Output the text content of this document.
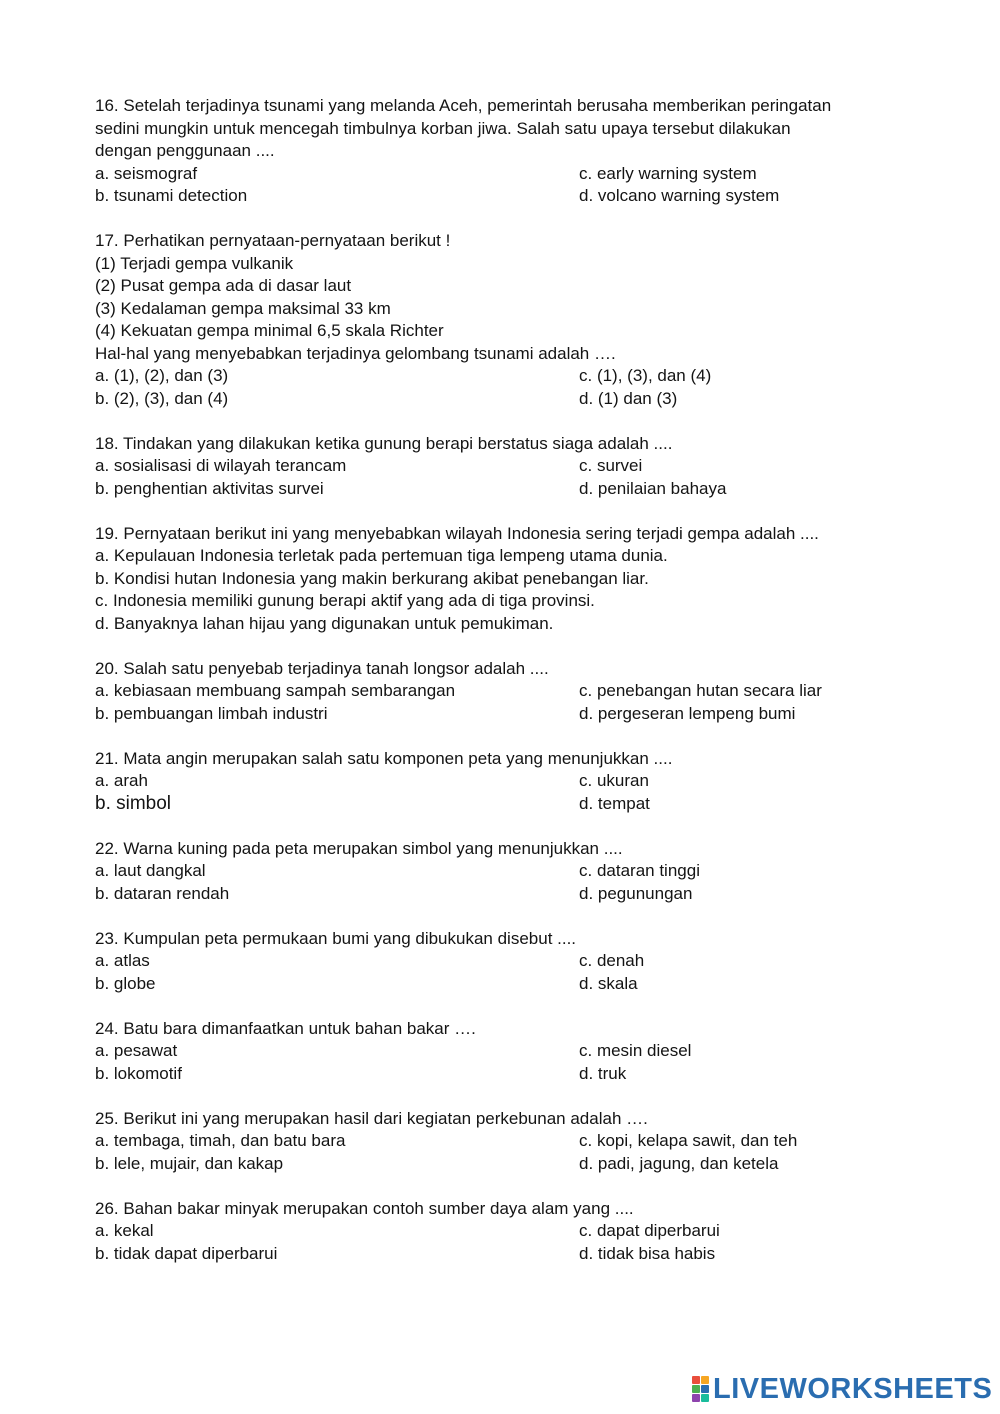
16. Setelah terjadinya tsunami yang melanda Aceh, pemerintah berusaha memberikan peringatan

sedini mungkin untuk mencegah timbulnya korban jiwa. Salah satu upaya tersebut dilakukan

dengan penggunaan ....

a. seismograf	c. early warning system
b. tsunami detection	d. volcano warning system

17. Perhatikan pernyataan-pernyataan berikut !

(1) Terjadi gempa vulkanik

(2) Pusat gempa ada di dasar laut

(3) Kedalaman gempa maksimal 33 km

(4) Kekuatan gempa minimal 6,5 skala Richter

Hal-hal yang menyebabkan terjadinya gelombang tsunami adalah ….

a. (1), (2), dan (3)	c. (1), (3), dan (4)
b. (2), (3), dan (4)	d. (1) dan (3)

18. Tindakan yang dilakukan ketika gunung berapi berstatus siaga adalah ....

a. sosialisasi di wilayah terancam	c. survei
b. penghentian aktivitas survei	d. penilaian bahaya

19. Pernyataan berikut ini yang menyebabkan wilayah Indonesia sering terjadi gempa adalah ....

a. Kepulauan Indonesia terletak pada pertemuan tiga lempeng utama dunia.

b. Kondisi hutan Indonesia yang makin berkurang akibat penebangan liar.

c. Indonesia memiliki gunung berapi aktif yang ada di tiga provinsi.

d. Banyaknya lahan hijau yang digunakan untuk pemukiman.

20. Salah satu penyebab terjadinya tanah longsor adalah ....

a. kebiasaan membuang sampah sembarangan	c. penebangan hutan secara liar
b. pembuangan limbah industri	d. pergeseran lempeng bumi

21. Mata angin merupakan salah satu komponen peta yang menunjukkan ....

a. arah	c. ukuran
b. simbol	d. tempat

22. Warna kuning pada peta merupakan simbol yang menunjukkan ....

a. laut dangkal	c. dataran tinggi
b. dataran rendah	d. pegunungan

23. Kumpulan peta permukaan bumi yang dibukukan disebut ....

a. atlas	c. denah
b. globe	d. skala

24. Batu bara dimanfaatkan untuk bahan bakar ….

a. pesawat	c. mesin diesel
b. lokomotif	d. truk

25. Berikut ini yang merupakan hasil dari kegiatan perkebunan adalah ….

a. tembaga, timah, dan batu bara	c. kopi, kelapa sawit, dan teh
b. lele, mujair, dan kakap	d. padi, jagung, dan ketela

26. Bahan bakar minyak merupakan contoh sumber daya alam yang ....

a. kekal	c. dapat diperbarui
b. tidak dapat diperbarui	d. tidak bisa habis
LIVEWORKSHEETS
